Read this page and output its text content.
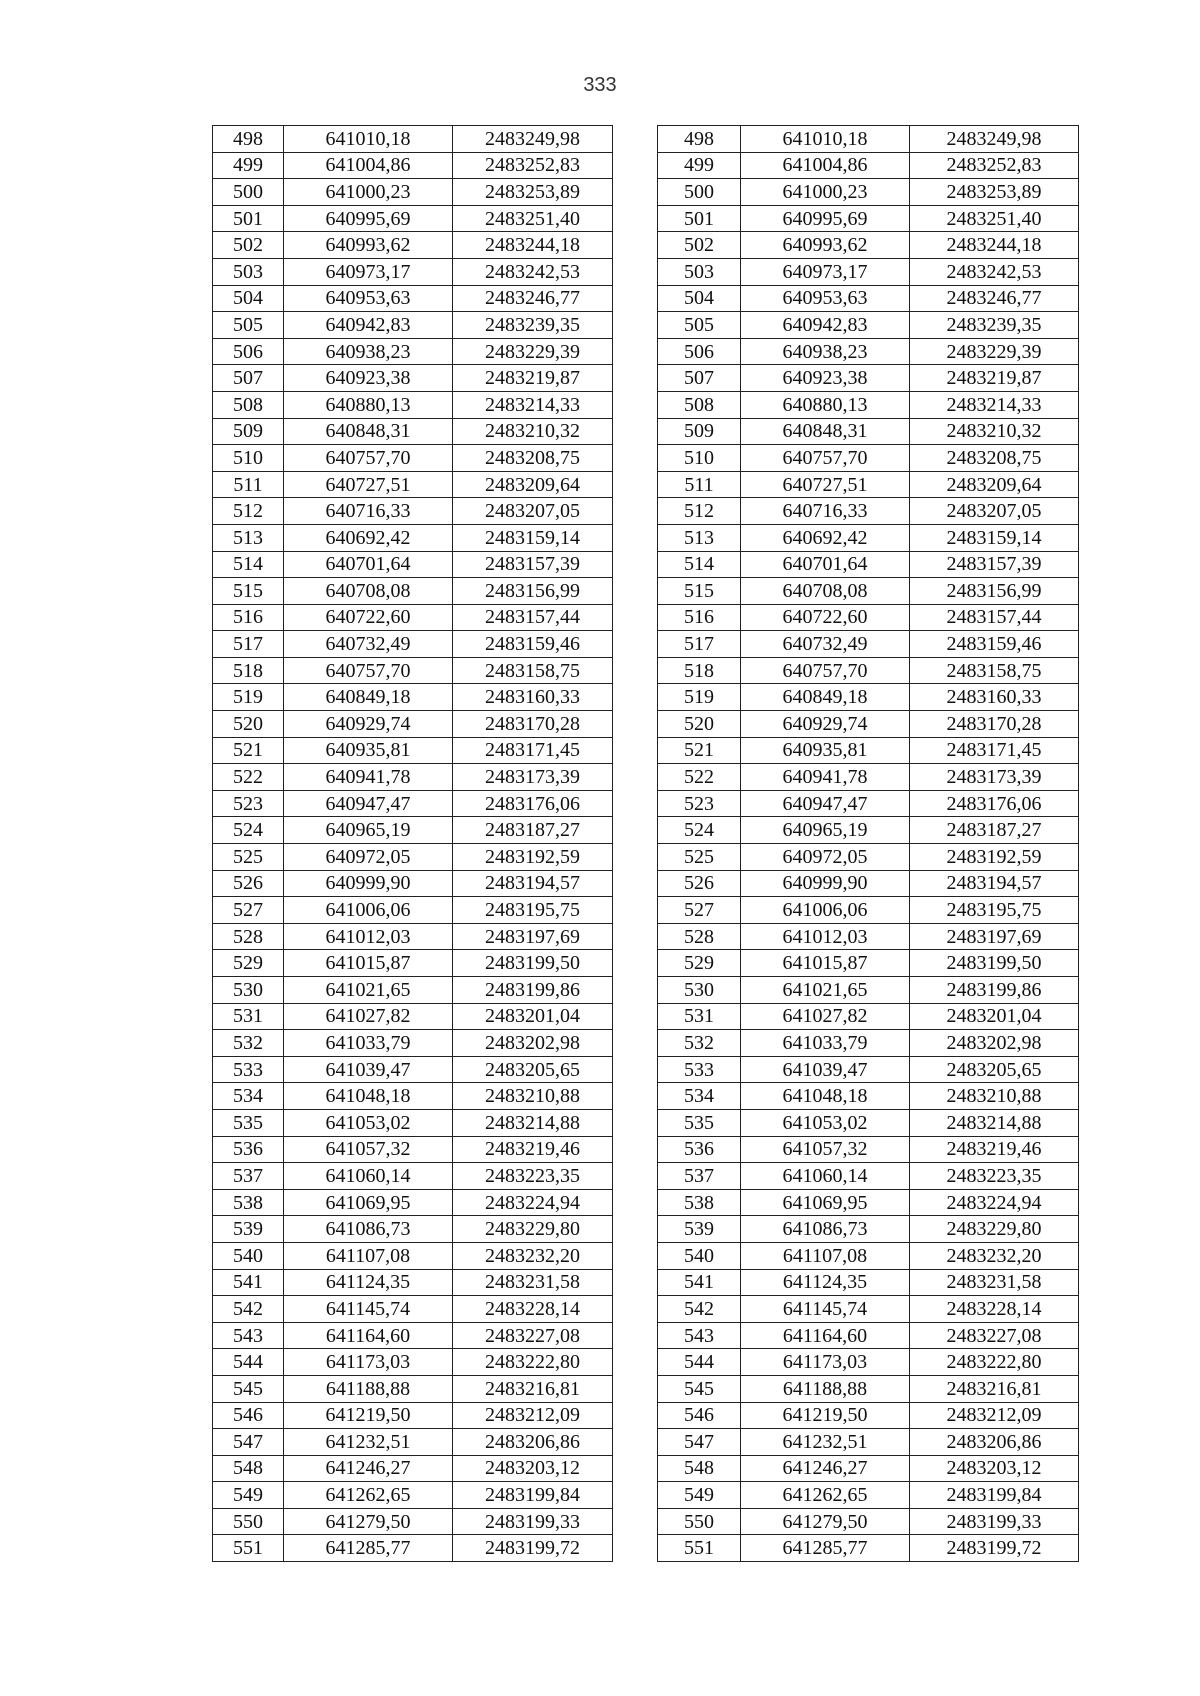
333
498	641010,18	2483249,98		498	641010,18	2483249,98
499	641004,86	2483252,83		499	641004,86	2483252,83
500	641000,23	2483253,89		500	641000,23	2483253,89
501	640995,69	2483251,40		501	640995,69	2483251,40
502	640993,62	2483244,18		502	640993,62	2483244,18
503	640973,17	2483242,53		503	640973,17	2483242,53
504	640953,63	2483246,77		504	640953,63	2483246,77
505	640942,83	2483239,35		505	640942,83	2483239,35
506	640938,23	2483229,39		506	640938,23	2483229,39
507	640923,38	2483219,87		507	640923,38	2483219,87
508	640880,13	2483214,33		508	640880,13	2483214,33
509	640848,31	2483210,32		509	640848,31	2483210,32
510	640757,70	2483208,75		510	640757,70	2483208,75
511	640727,51	2483209,64		511	640727,51	2483209,64
512	640716,33	2483207,05		512	640716,33	2483207,05
513	640692,42	2483159,14		513	640692,42	2483159,14
514	640701,64	2483157,39		514	640701,64	2483157,39
515	640708,08	2483156,99		515	640708,08	2483156,99
516	640722,60	2483157,44		516	640722,60	2483157,44
517	640732,49	2483159,46		517	640732,49	2483159,46
518	640757,70	2483158,75		518	640757,70	2483158,75
519	640849,18	2483160,33		519	640849,18	2483160,33
520	640929,74	2483170,28		520	640929,74	2483170,28
521	640935,81	2483171,45		521	640935,81	2483171,45
522	640941,78	2483173,39		522	640941,78	2483173,39
523	640947,47	2483176,06		523	640947,47	2483176,06
524	640965,19	2483187,27		524	640965,19	2483187,27
525	640972,05	2483192,59		525	640972,05	2483192,59
526	640999,90	2483194,57		526	640999,90	2483194,57
527	641006,06	2483195,75		527	641006,06	2483195,75
528	641012,03	2483197,69		528	641012,03	2483197,69
529	641015,87	2483199,50		529	641015,87	2483199,50
530	641021,65	2483199,86		530	641021,65	2483199,86
531	641027,82	2483201,04		531	641027,82	2483201,04
532	641033,79	2483202,98		532	641033,79	2483202,98
533	641039,47	2483205,65		533	641039,47	2483205,65
534	641048,18	2483210,88		534	641048,18	2483210,88
535	641053,02	2483214,88		535	641053,02	2483214,88
536	641057,32	2483219,46		536	641057,32	2483219,46
537	641060,14	2483223,35		537	641060,14	2483223,35
538	641069,95	2483224,94		538	641069,95	2483224,94
539	641086,73	2483229,80		539	641086,73	2483229,80
540	641107,08	2483232,20		540	641107,08	2483232,20
541	641124,35	2483231,58		541	641124,35	2483231,58
542	641145,74	2483228,14		542	641145,74	2483228,14
543	641164,60	2483227,08		543	641164,60	2483227,08
544	641173,03	2483222,80		544	641173,03	2483222,80
545	641188,88	2483216,81		545	641188,88	2483216,81
546	641219,50	2483212,09		546	641219,50	2483212,09
547	641232,51	2483206,86		547	641232,51	2483206,86
548	641246,27	2483203,12		548	641246,27	2483203,12
549	641262,65	2483199,84		549	641262,65	2483199,84
550	641279,50	2483199,33		550	641279,50	2483199,33
551	641285,77	2483199,72		551	641285,77	2483199,72
